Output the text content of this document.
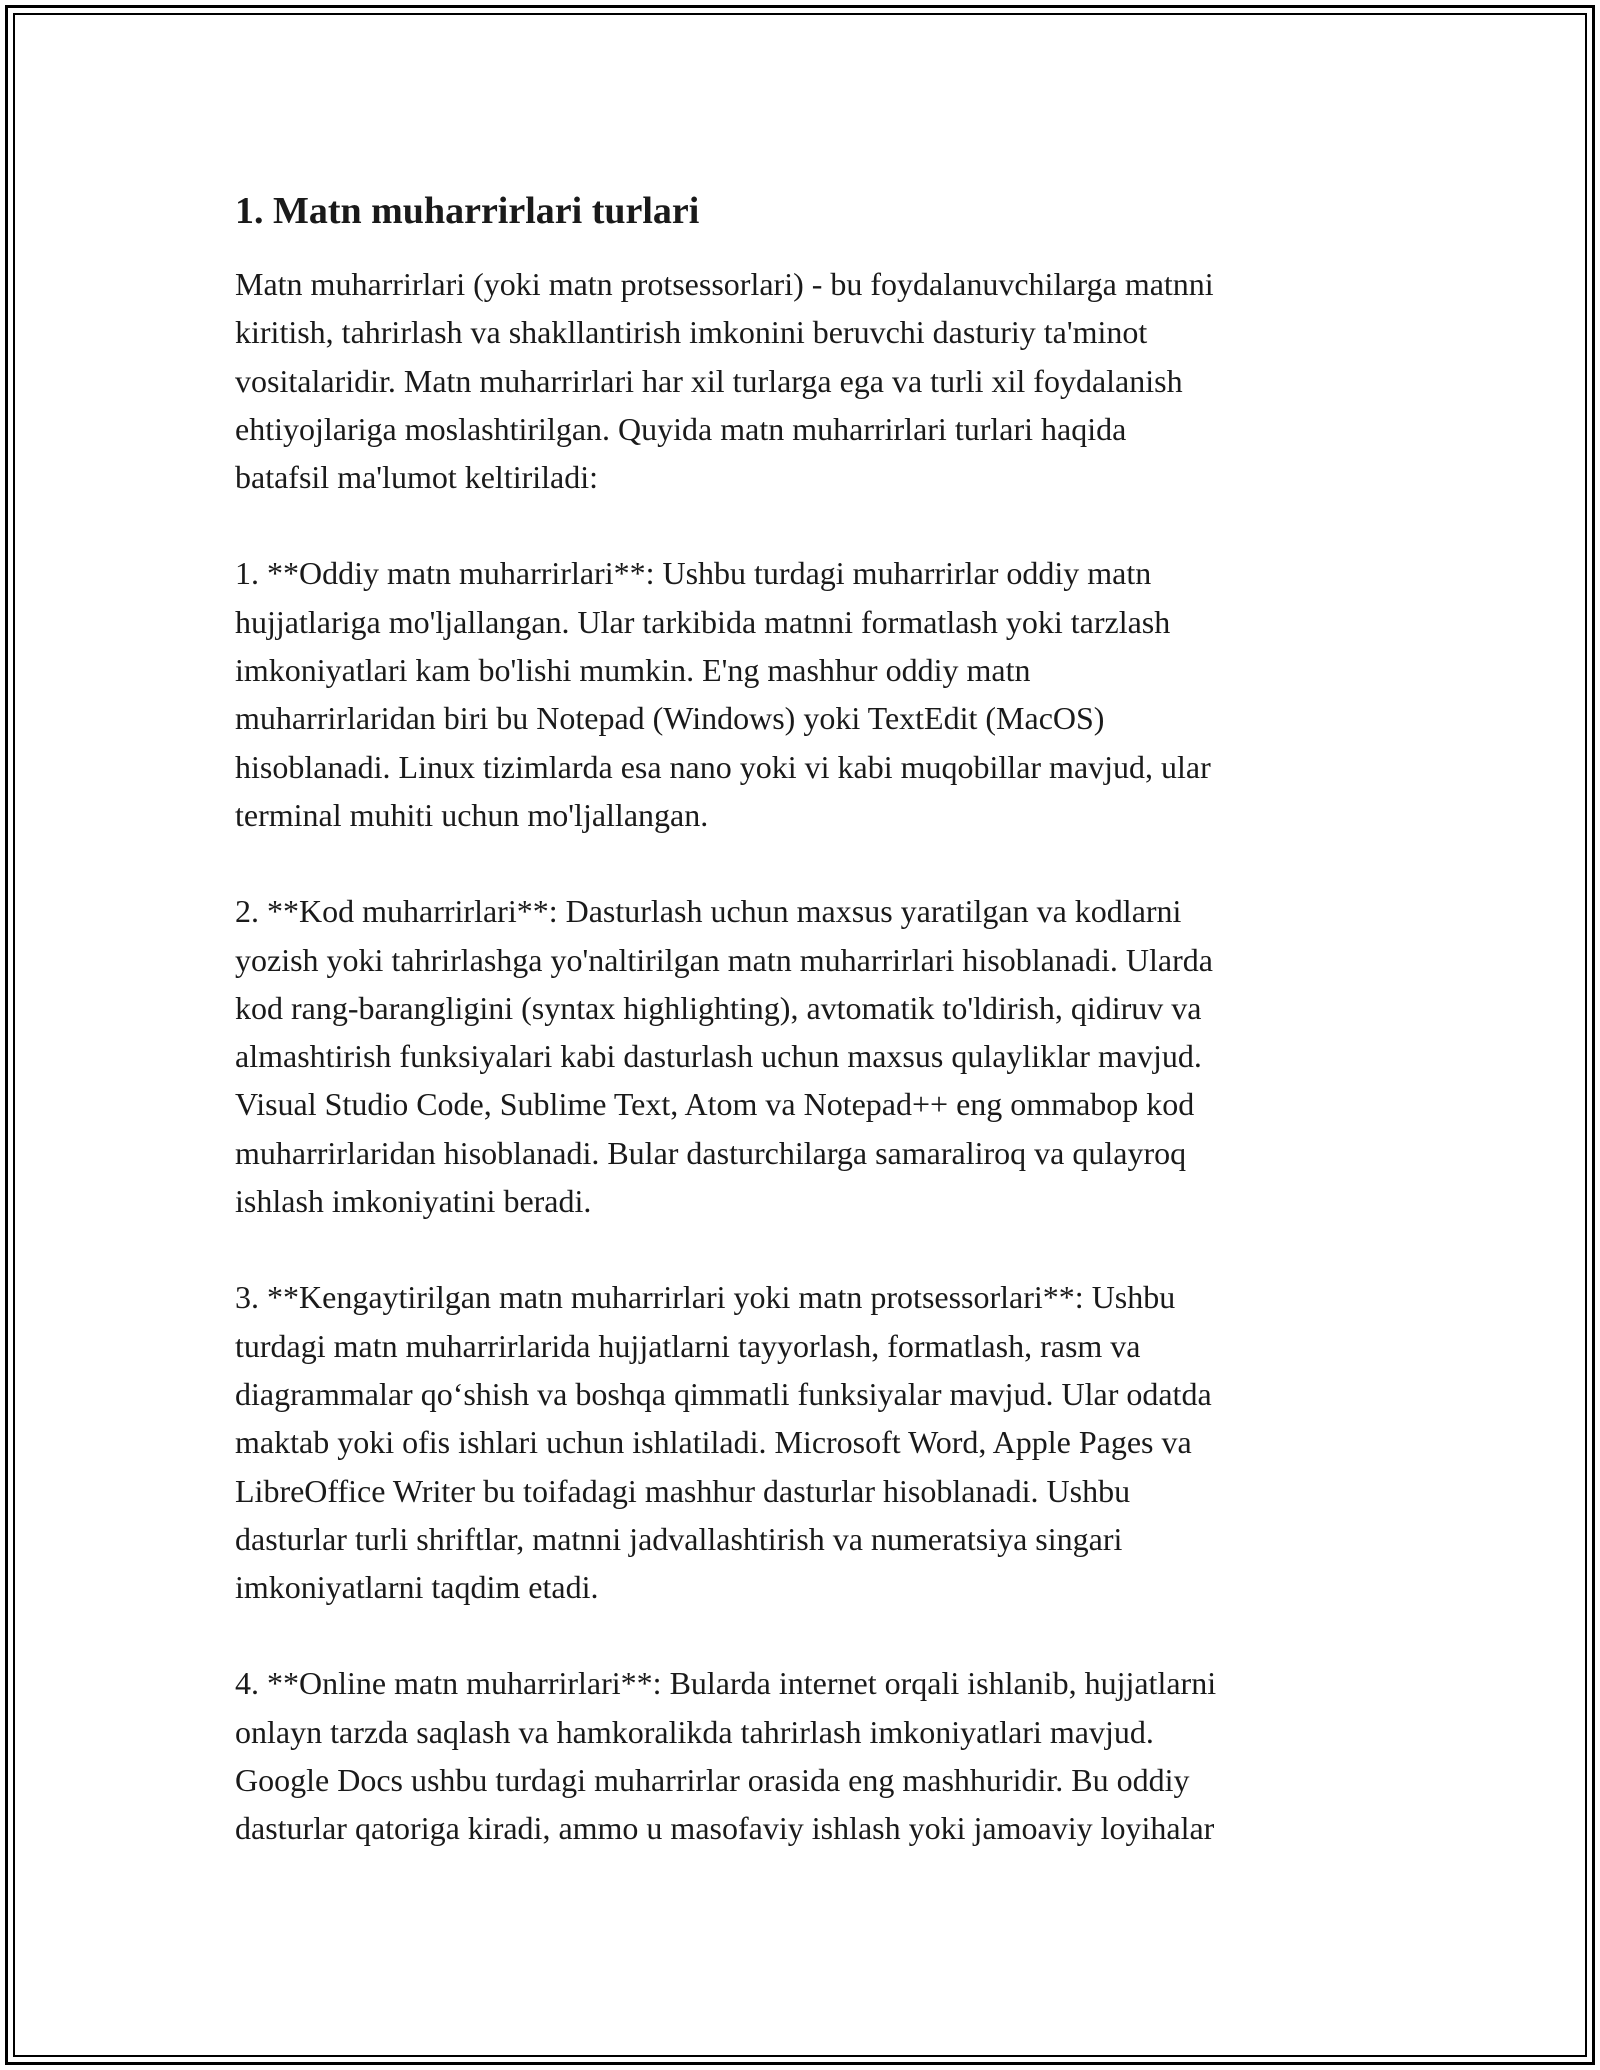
1. Matn muharrirlari turlari

Matn muharrirlari (yoki matn protsessorlari) - bu foydalanuvchilarga matnni
kiritish, tahrirlash va shakllantirish imkonini beruvchi dasturiy ta'minot
vositalaridir. Matn muharrirlari har xil turlarga ega va turli xil foydalanish
ehtiyojlariga moslashtirilgan. Quyida matn muharrirlari turlari haqida
batafsil ma'lumot keltiriladi:

1. **Oddiy matn muharrirlari**: Ushbu turdagi muharrirlar oddiy matn
hujjatlariga mo'ljallangan. Ular tarkibida matnni formatlash yoki tarzlash
imkoniyatlari kam bo'lishi mumkin. E'ng mashhur oddiy matn
muharrirlaridan biri bu Notepad (Windows) yoki TextEdit (MacOS)
hisoblanadi. Linux tizimlarda esa nano yoki vi kabi muqobillar mavjud, ular
terminal muhiti uchun mo'ljallangan.

2. **Kod muharrirlari**: Dasturlash uchun maxsus yaratilgan va kodlarni
yozish yoki tahrirlashga yo'naltirilgan matn muharrirlari hisoblanadi. Ularda
kod rang-barangligini (syntax highlighting), avtomatik to'ldirish, qidiruv va
almashtirish funksiyalari kabi dasturlash uchun maxsus qulayliklar mavjud.
Visual Studio Code, Sublime Text, Atom va Notepad++ eng ommabop kod
muharrirlaridan hisoblanadi. Bular dasturchilarga samaraliroq va qulayroq
ishlash imkoniyatini beradi.

3. **Kengaytirilgan matn muharrirlari yoki matn protsessorlari**: Ushbu
turdagi matn muharrirlarida hujjatlarni tayyorlash, formatlash, rasm va
diagrammalar qo‘shish va boshqa qimmatli funksiyalar mavjud. Ular odatda
maktab yoki ofis ishlari uchun ishlatiladi. Microsoft Word, Apple Pages va
LibreOffice Writer bu toifadagi mashhur dasturlar hisoblanadi. Ushbu
dasturlar turli shriftlar, matnni jadvallashtirish va numeratsiya singari
imkoniyatlarni taqdim etadi.

4. **Online matn muharrirlari**: Bularda internet orqali ishlanib, hujjatlarni
onlayn tarzda saqlash va hamkoralikda tahrirlash imkoniyatlari mavjud.
Google Docs ushbu turdagi muharrirlar orasida eng mashhuridir. Bu oddiy
dasturlar qatoriga kiradi, ammo u masofaviy ishlash yoki jamoaviy loyihalar
